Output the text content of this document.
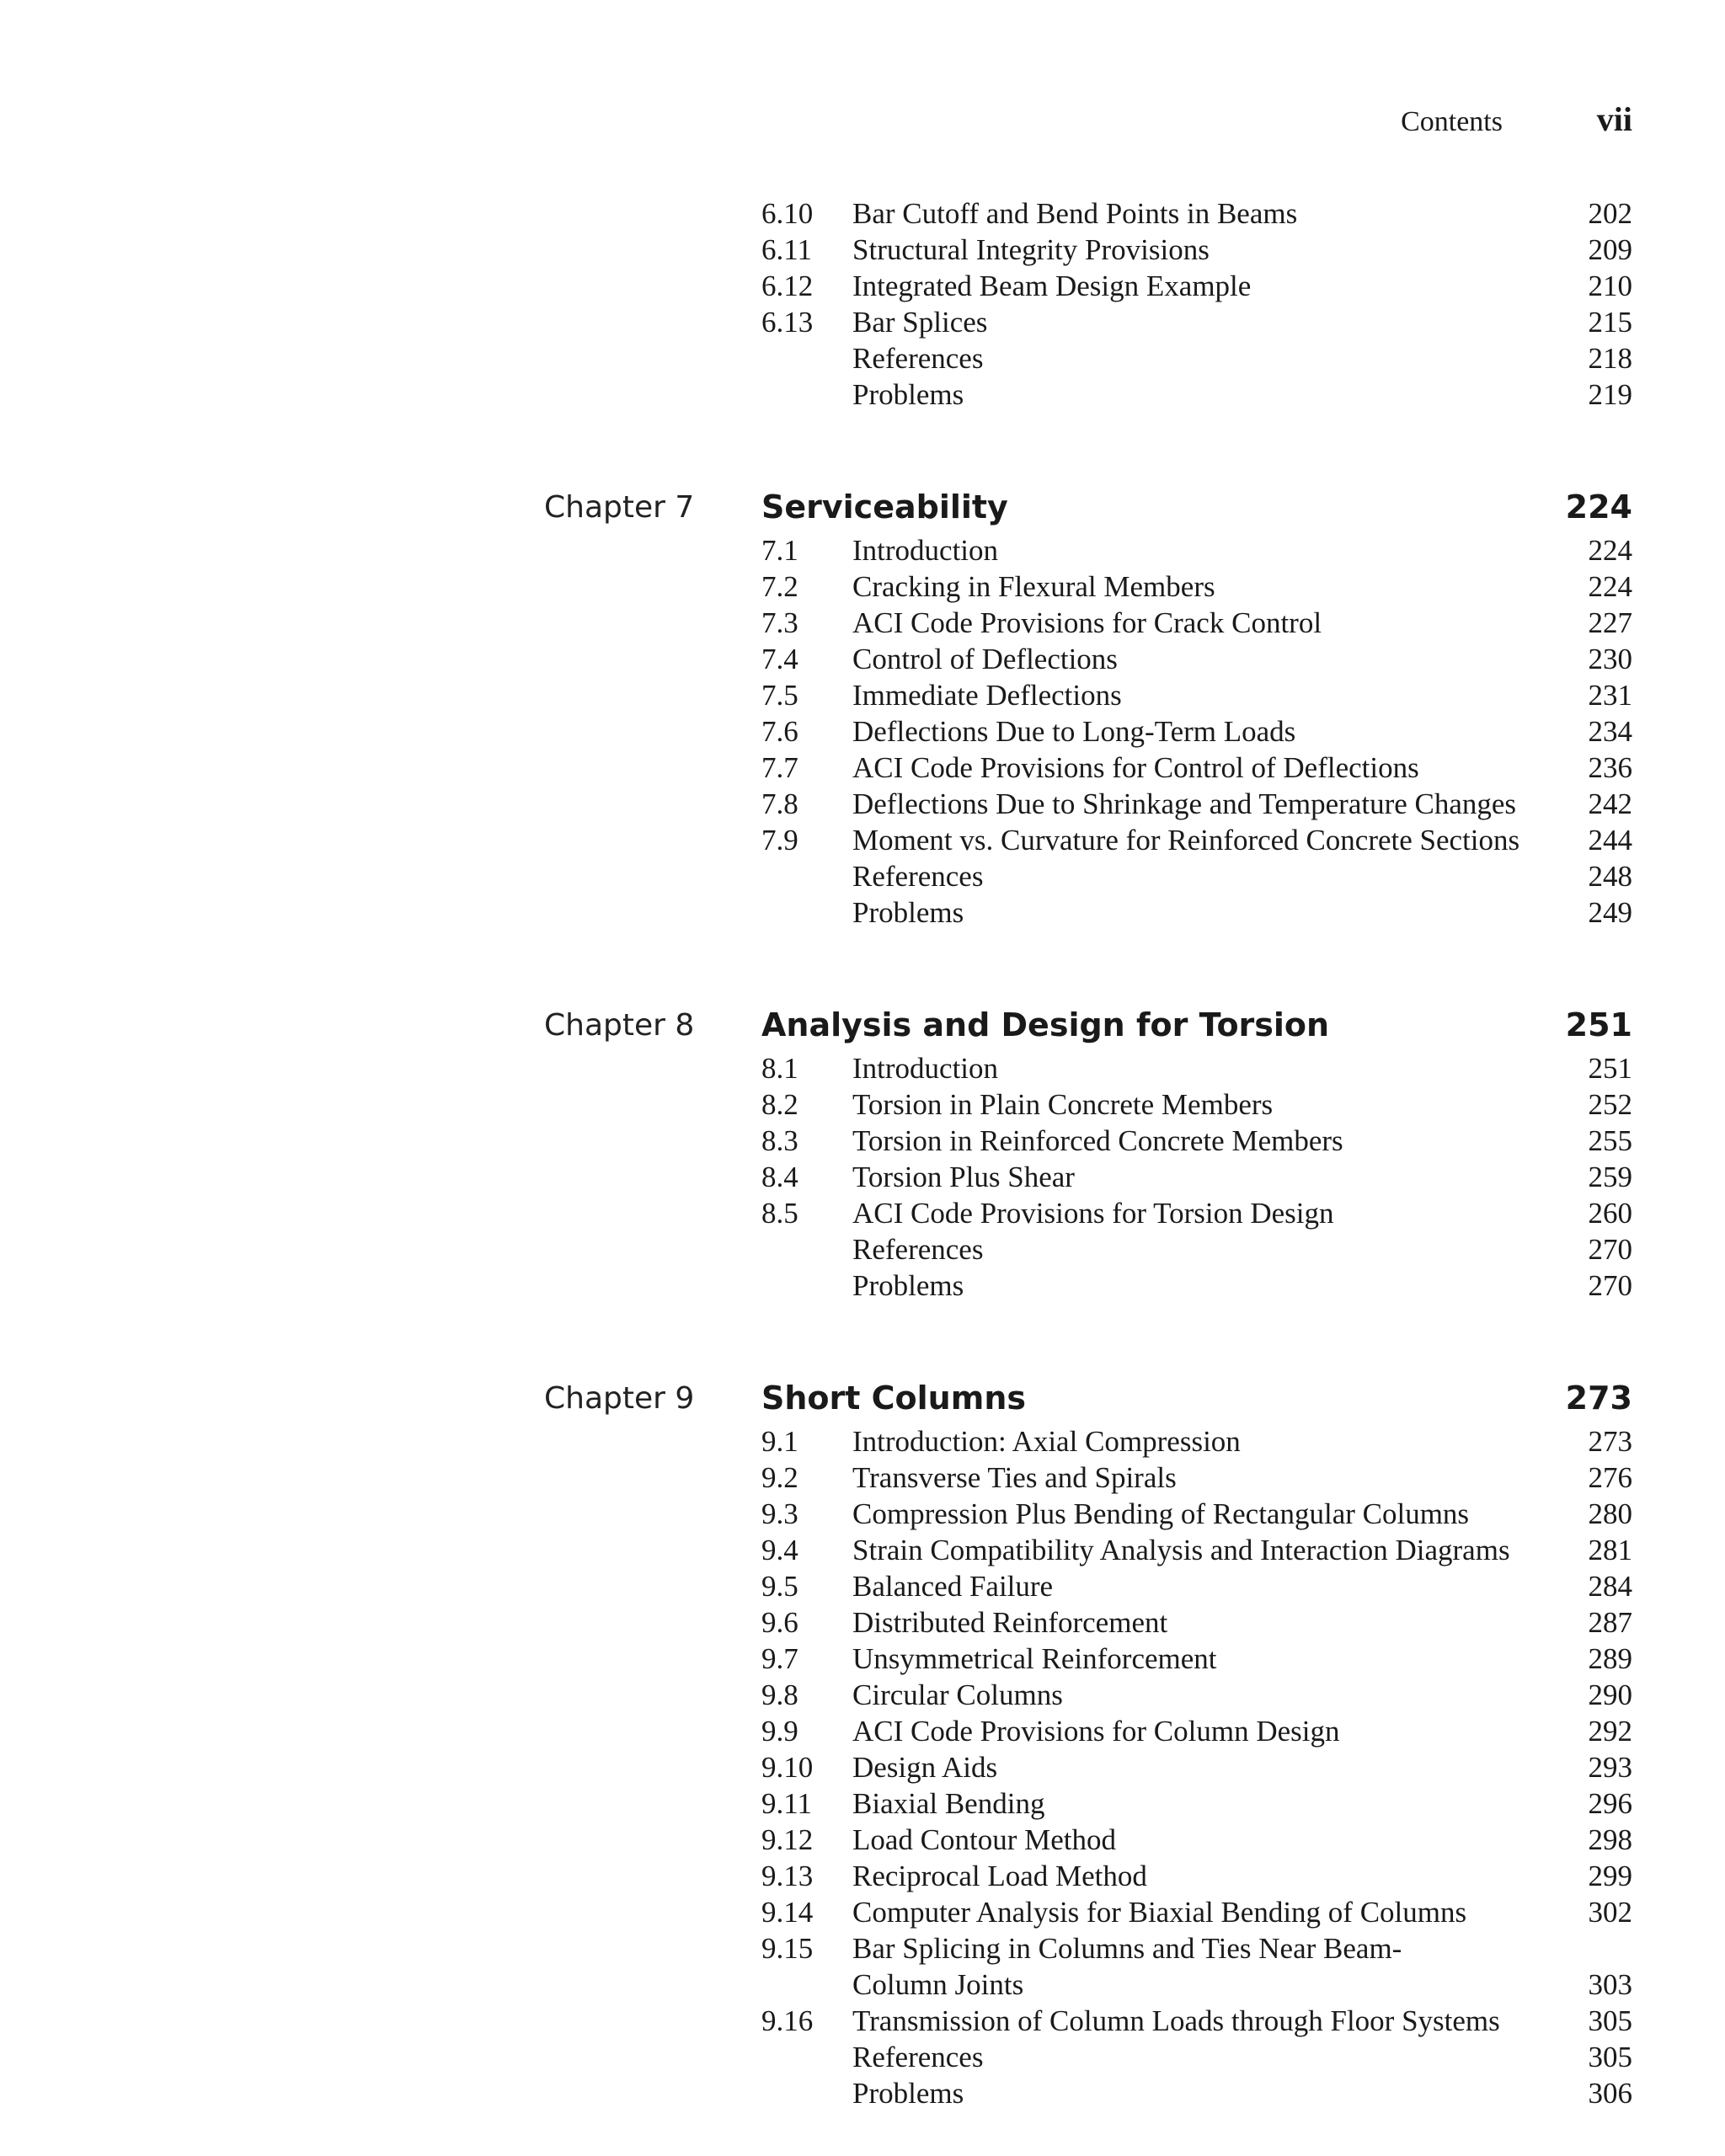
Contents	vii
6.10 Bar Cutoff and Bend Points in Beams	202
6.11 Structural Integrity Provisions	209
6.12 Integrated Beam Design Example	210
6.13 Bar Splices	215
References	218
Problems	219
Chapter 7 Serviceability	224
7.1 Introduction	224
7.2 Cracking in Flexural Members	224
7.3 ACI Code Provisions for Crack Control	227
7.4 Control of Deflections	230
7.5 Immediate Deflections	231
7.6 Deflections Due to Long-Term Loads	234
7.7 ACI Code Provisions for Control of Deflections	236
7.8 Deflections Due to Shrinkage and Temperature Changes	242
7.9 Moment vs. Curvature for Reinforced Concrete Sections	244
References	248
Problems	249
Chapter 8 Analysis and Design for Torsion	251
8.1 Introduction	251
8.2 Torsion in Plain Concrete Members	252
8.3 Torsion in Reinforced Concrete Members	255
8.4 Torsion Plus Shear	259
8.5 ACI Code Provisions for Torsion Design	260
References	270
Problems	270
Chapter 9 Short Columns	273
9.1 Introduction: Axial Compression	273
9.2 Transverse Ties and Spirals	276
9.3 Compression Plus Bending of Rectangular Columns	280
9.4 Strain Compatibility Analysis and Interaction Diagrams	281
9.5 Balanced Failure	284
9.6 Distributed Reinforcement	287
9.7 Unsymmetrical Reinforcement	289
9.8 Circular Columns	290
9.9 ACI Code Provisions for Column Design	292
9.10 Design Aids	293
9.11 Biaxial Bending	296
9.12 Load Contour Method	298
9.13 Reciprocal Load Method	299
9.14 Computer Analysis for Biaxial Bending of Columns	302
9.15 Bar Splicing in Columns and Ties Near Beam-
Column Joints	303
9.16 Transmission of Column Loads through Floor Systems	305
References	305
Problems	306
